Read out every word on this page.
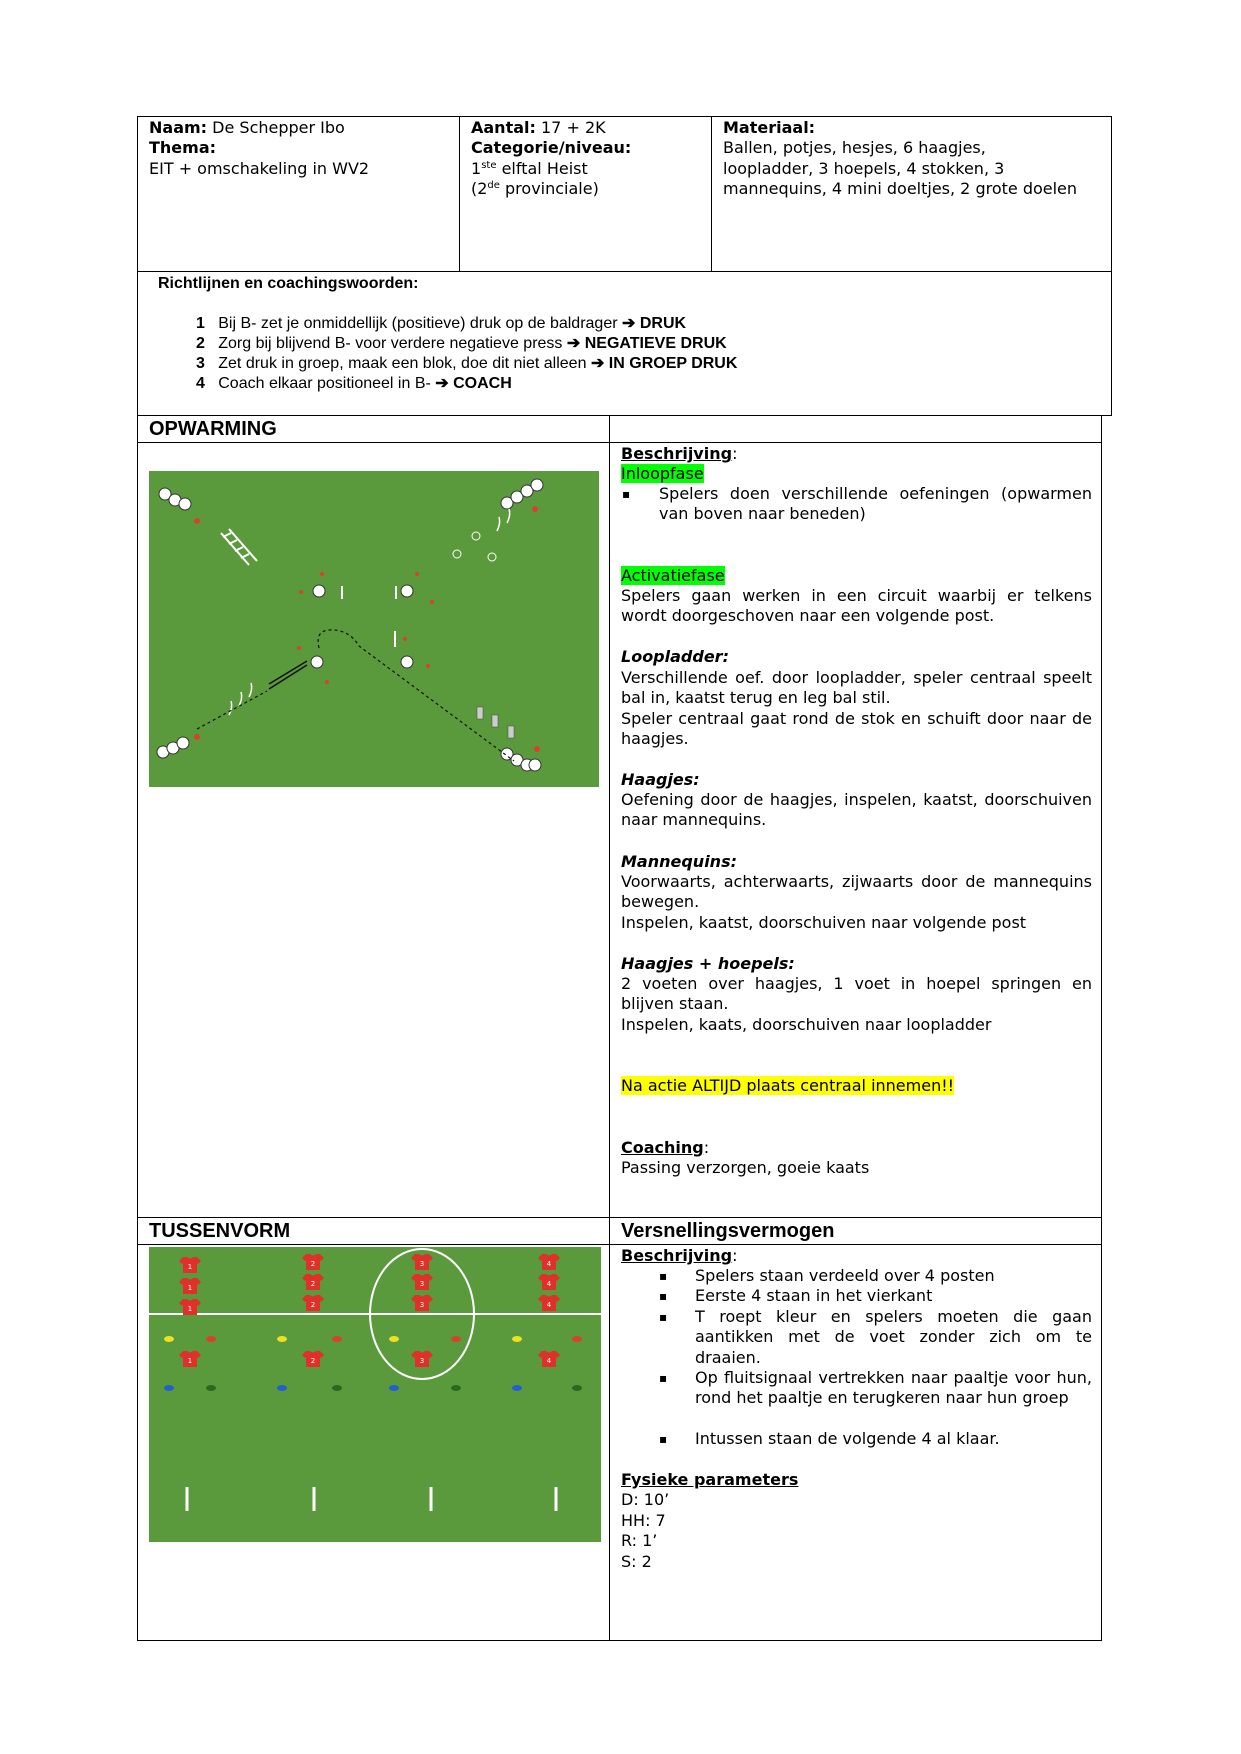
Naam: De Schepper Ibo
Thema:
EIT + omschakeling in WV2
Aantal: 17 + 2K
Categorie/niveau:
1ste elftal Heist
(2de provinciale)
Materiaal:
Ballen, potjes, hesjes, 6 haagjes,
loopladder, 3 hoepels, 4 stokken, 3
mannequins, 4 mini doeltjes, 2 grote doelen
Richtlijnen en coachingswoorden:
1 Bij B- zet je onmiddellijk (positieve) druk op de baldrager ➔ DRUK
2 Zorg bij blijvend B- voor verdere negatieve press ➔ NEGATIEVE DRUK
3 Zet druk in groep, maak een blok, doe dit niet alleen ➔ IN GROEP DRUK
4 Coach elkaar positioneel in B- ➔ COACH
OPWARMING
Beschrijving:
Inloopfase
▪ Spelers doen verschillende oefeningen (opwarmen van boven naar beneden)
Activatiefase
Spelers gaan werken in een circuit waarbij er telkens wordt doorgeschoven naar een volgende post.
Loopladder:
Verschillende oef. door loopladder, speler centraal speelt bal in, kaatst terug en leg bal stil.
Speler centraal gaat rond de stok en schuift door naar de haagjes.
Haagjes:
Oefening door de haagjes, inspelen, kaatst, doorschuiven naar mannequins.
Mannequins:
Voorwaarts, achterwaarts, zijwaarts door de mannequins bewegen.
Inspelen, kaatst, doorschuiven naar volgende post
Haagjes + hoepels:
2 voeten over haagjes, 1 voet in hoepel springen en blijven staan.
Inspelen, kaats, doorschuiven naar loopladder
Na actie ALTIJD plaats centraal innemen!!
Coaching:
Passing verzorgen, goeie kaats
TUSSENVORM	Versnellingsvermogen
Beschrijving:
▪ Spelers staan verdeeld over 4 posten
▪ Eerste 4 staan in het vierkant
▪ T roept kleur en spelers moeten die gaan aantikken met de voet zonder zich om te draaien.
▪ Op fluitsignaal vertrekken naar paaltje voor hun, rond het paaltje en terugkeren naar hun groep
▪ Intussen staan de volgende 4 al klaar.
Fysieke parameters
D: 10’
HH: 7
R: 1’
S: 2
1
1
1
1
2
2
2
2
3
3
3
3
4
4
4
4
